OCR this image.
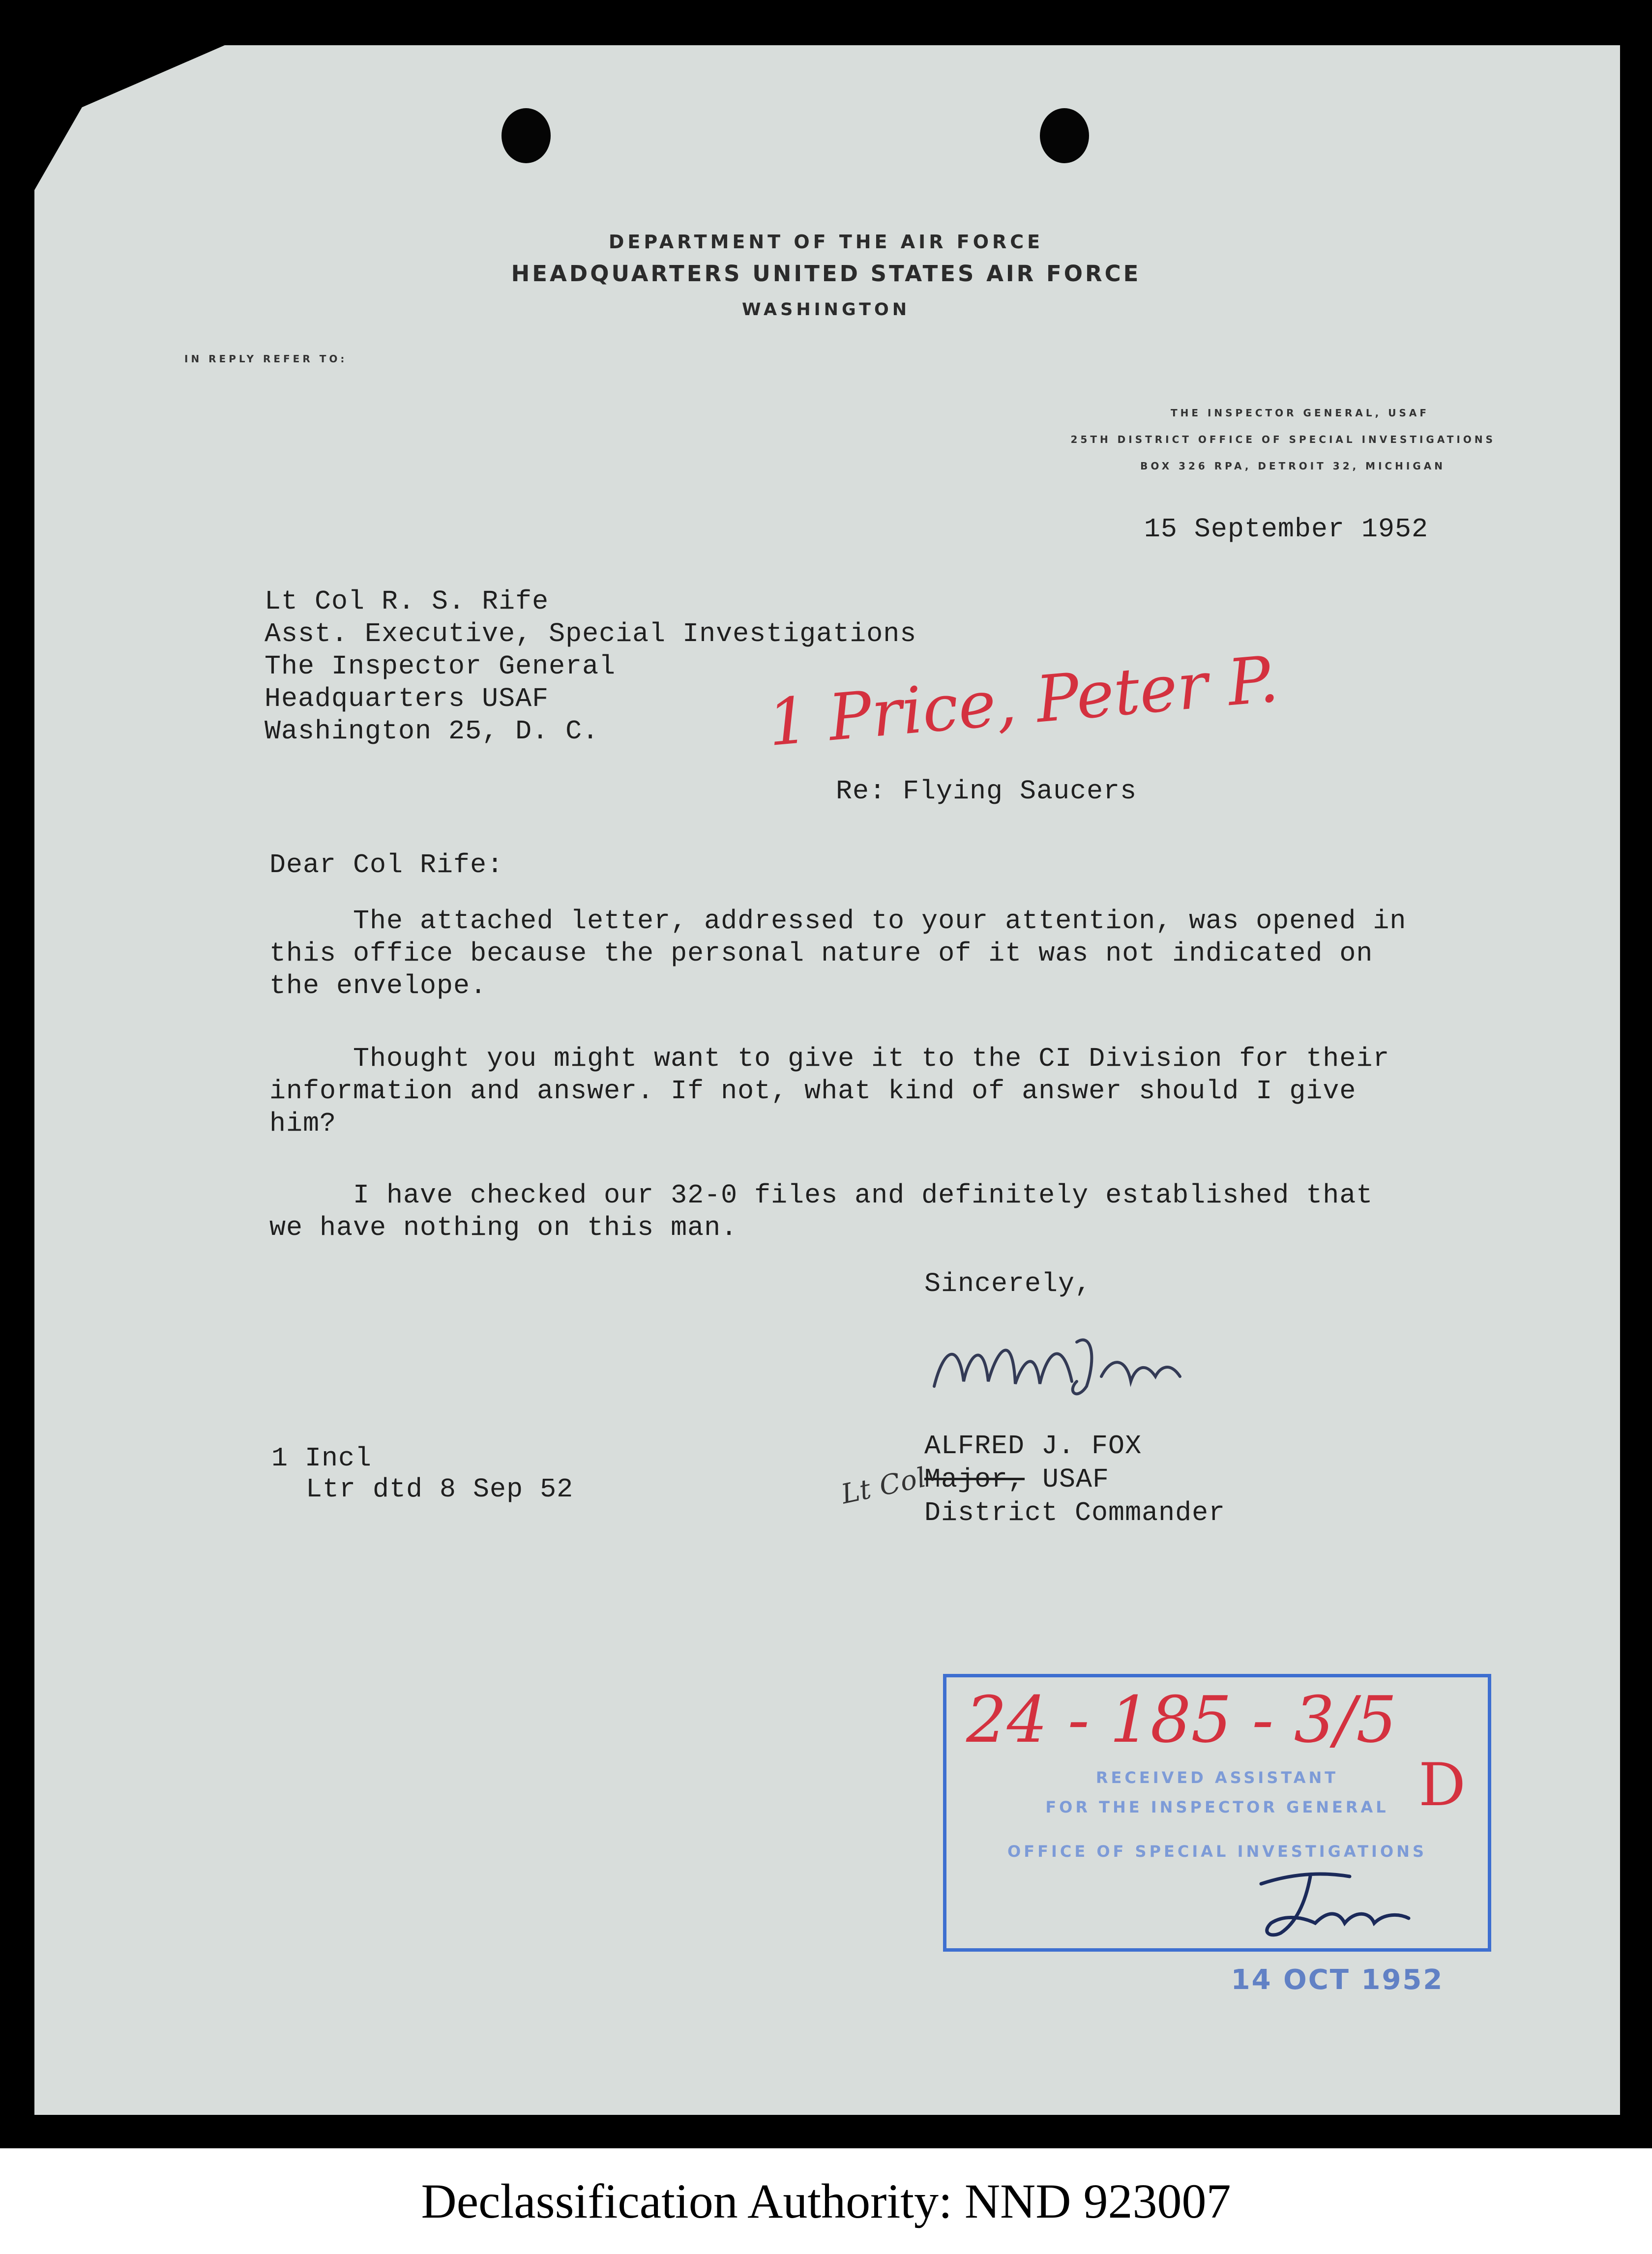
DEPARTMENT OF THE AIR FORCE
HEADQUARTERS UNITED STATES AIR FORCE
WASHINGTON
IN REPLY REFER TO:
THE INSPECTOR GENERAL, USAF
25TH DISTRICT OFFICE OF SPECIAL INVESTIGATIONS
BOX 326 RPA, DETROIT 32, MICHIGAN
15 September 1952
Lt Col R. S. Rife
Asst. Executive, Special Investigations
The Inspector General
Headquarters USAF
Washington 25, D. C.	1 Price, Peter P.
Re: Flying Saucers
Dear Col Rife:
The attached letter, addressed to your attention, was opened in
this office because the personal nature of it was not indicated on
the envelope.
Thought you might want to give it to the CI Division for their
information and answer. If not, what kind of answer should I give
him?
I have checked our 32-0 files and definitely established that
we have nothing on this man.
Sincerely,
ALFRED J. FOX
Lt Col
Major, USAF
District Commander
1 Incl
Ltr dtd 8 Sep 52
24 - 185 - 3/5
RECEIVED ASSISTANT
FOR THE INSPECTOR GENERAL D
OFFICE OF SPECIAL INVESTIGATIONS
14 OCT 1952
Declassification Authority: NND 923007
